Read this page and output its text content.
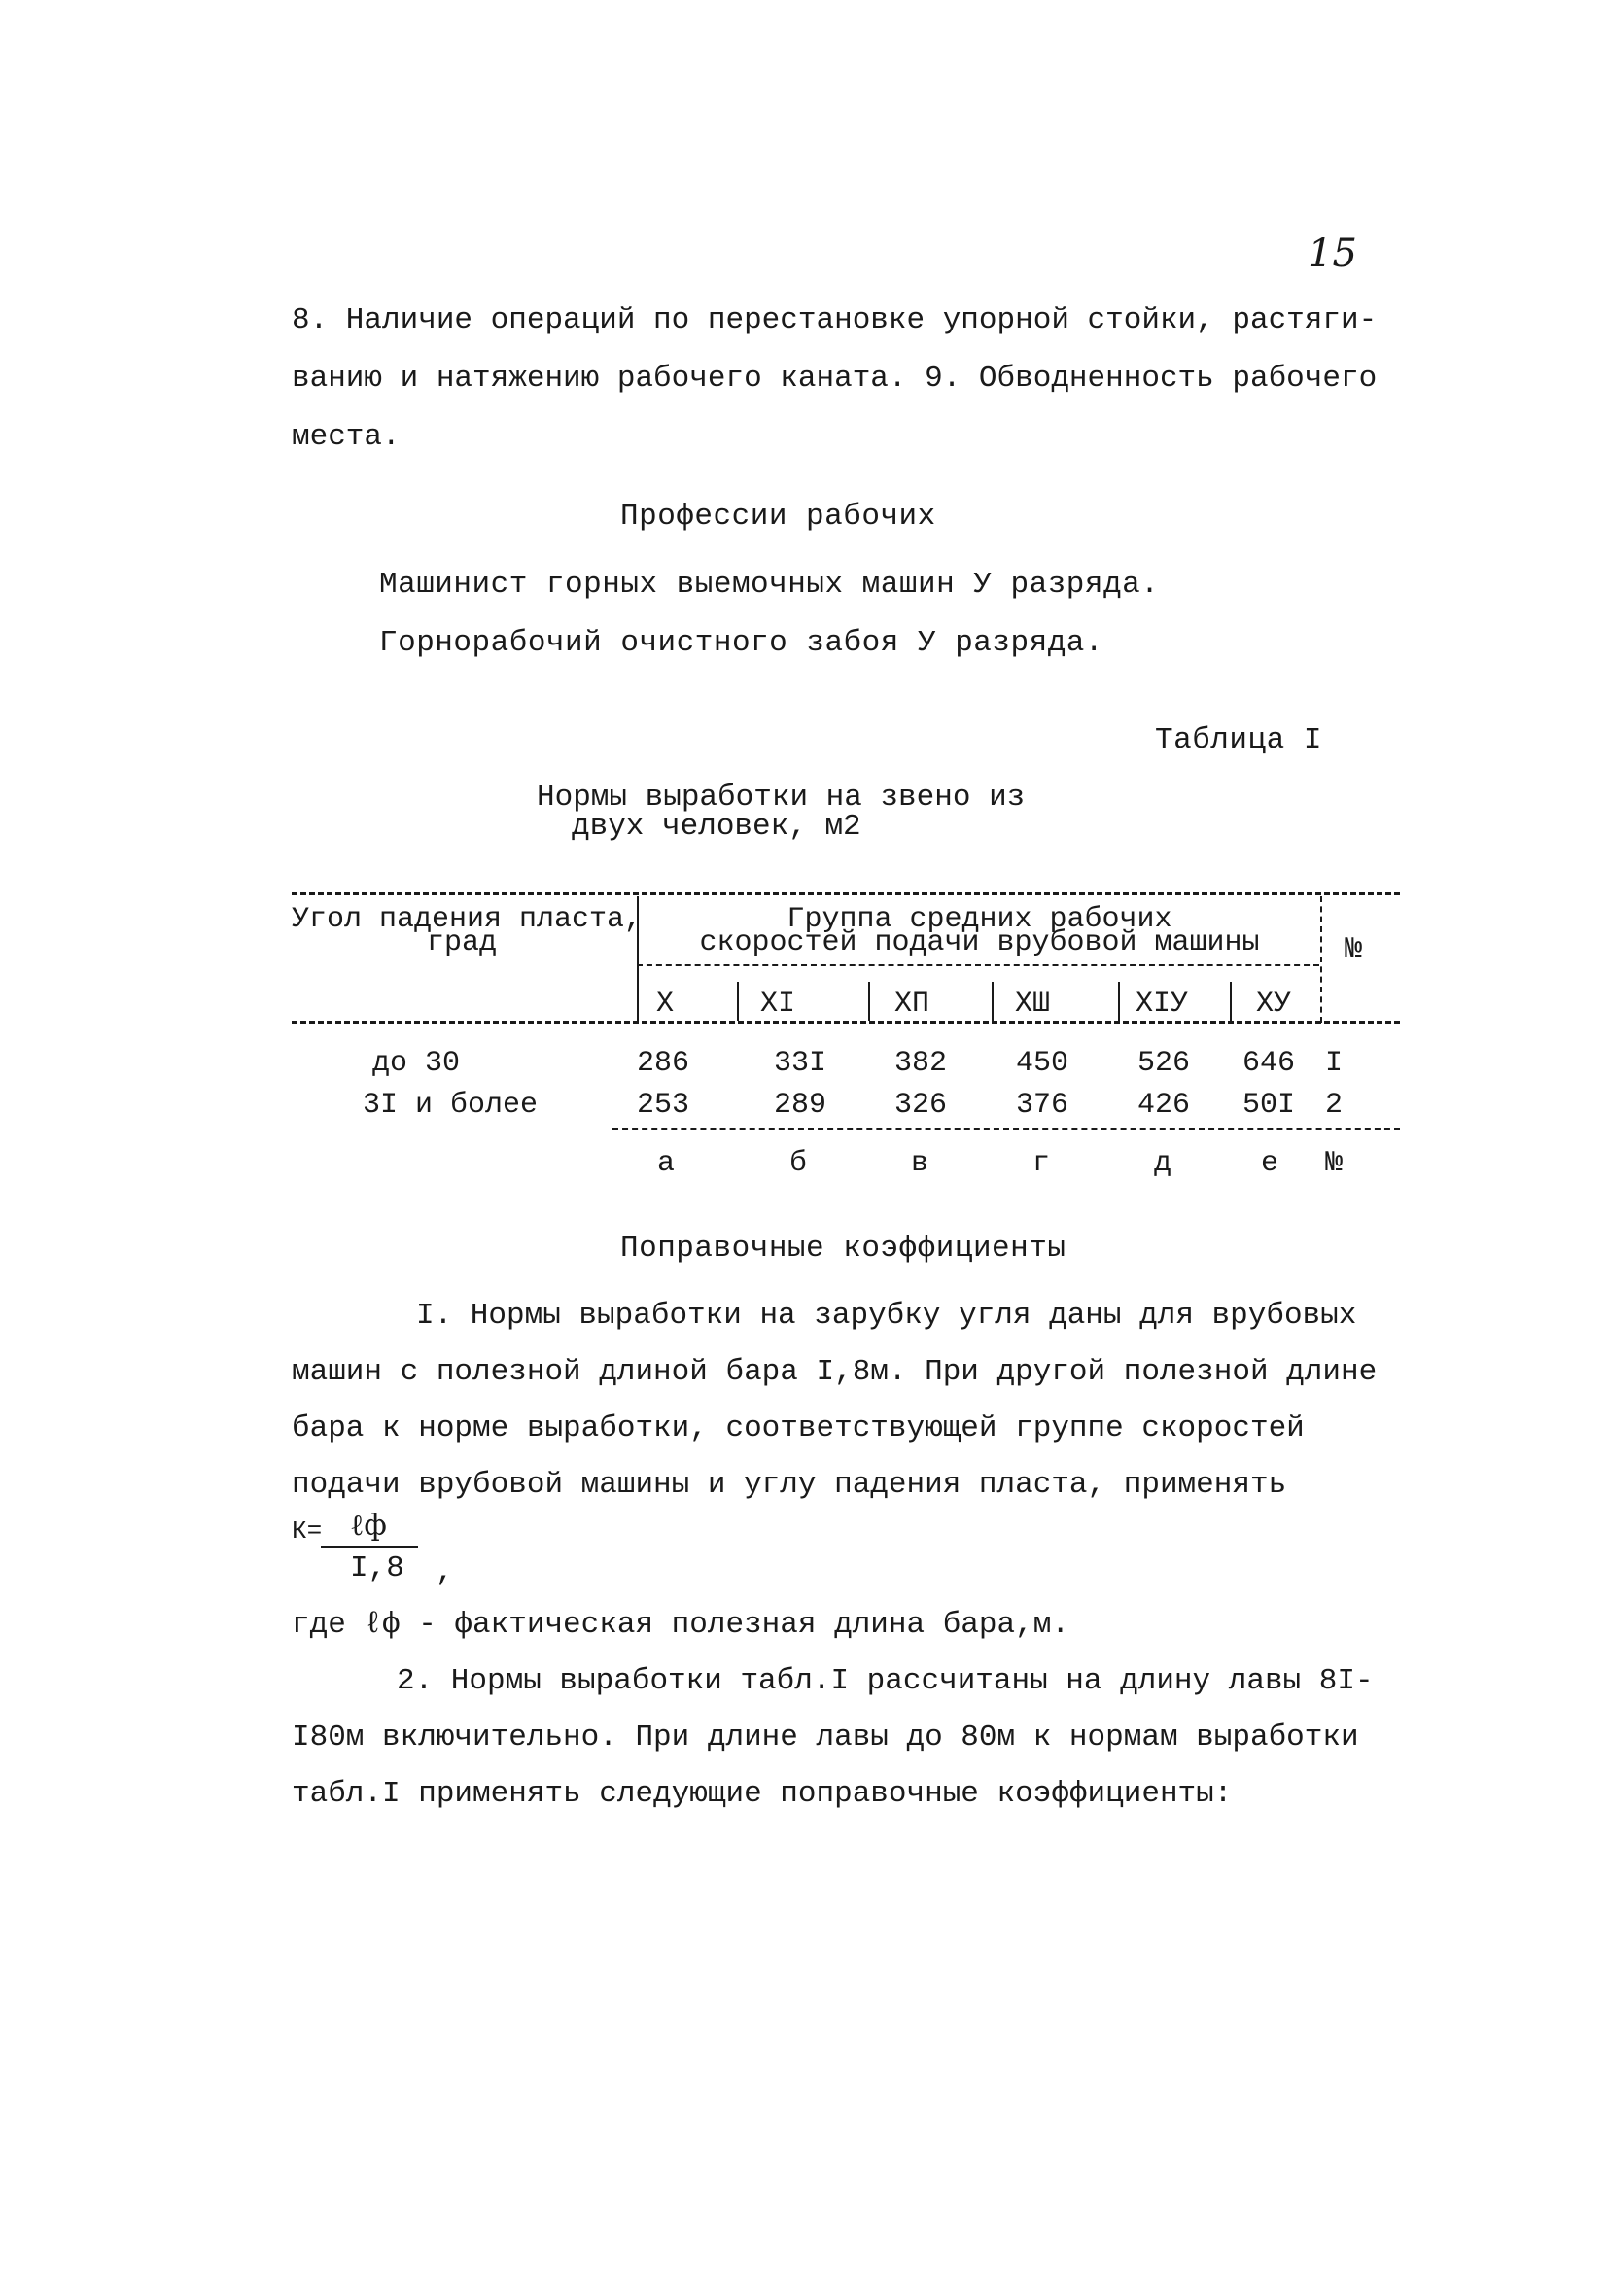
15
8. Наличие операций по перестановке упорной стойки, растяги-
ванию и натяжению рабочего каната. 9. Обводненность рабочего
места.
Профессии рабочих
Машинист горных выемочных машин У разряда.
Горнорабочий очистного забоя У разряда.
Таблица I
Нормы выработки на звено из
двух человек, м2
Угол падения пласта,
град
Группа средних рабочих
скоростей подачи врубовой машины	№
X	XI	XП	XШ	XIУ XУ
до 30	286	33I 382 450 526 646 I
3I и более	253	289 326 376 426 50I 2
а	б	в	г	д	е №
Поправочные коэффициенты
I. Нормы выработки на зарубку угля даны для врубовых
машин с полезной длиной бара I,8м. При другой полезной длине
бара к норме выработки, соответствующей группе скоростей
подачи врубовой машины и углу падения пласта, применять
К= ℓф
I,8 ,
где ℓф - фактическая полезная длина бара,м.
2. Нормы выработки табл.I рассчитаны на длину лавы 8I-
I80м включительно. При длине лавы до 80м к нормам выработки
табл.I применять следующие поправочные коэффициенты:
